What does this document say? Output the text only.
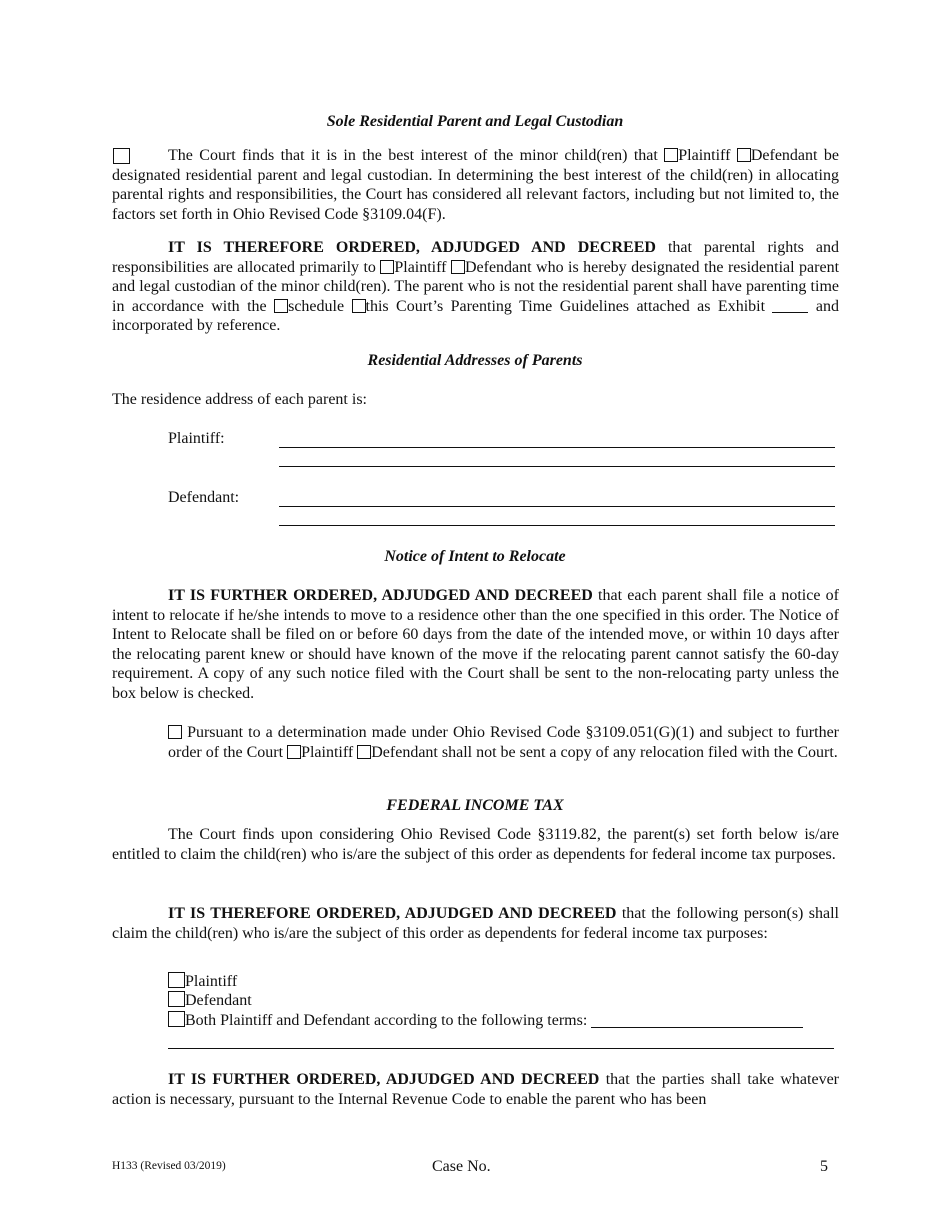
Sole Residential Parent and Legal Custodian
The Court finds that it is in the best interest of the minor child(ren) that Plaintiff Defendant be designated residential parent and legal custodian. In determining the best interest of the child(ren) in allocating parental rights and responsibilities, the Court has considered all relevant factors, including but not limited to, the factors set forth in Ohio Revised Code §3109.04(F).
IT IS THEREFORE ORDERED, ADJUDGED AND DECREED that parental rights and responsibilities are allocated primarily to Plaintiff Defendant who is hereby designated the residential parent and legal custodian of the minor child(ren). The parent who is not the residential parent shall have parenting time in accordance with the schedule this Court’s Parenting Time Guidelines attached as Exhibit	and incorporated by reference.
Residential Addresses of Parents
The residence address of each parent is:
Plaintiff:
Defendant:
Notice of Intent to Relocate
IT IS FURTHER ORDERED, ADJUDGED AND DECREED that each parent shall file a notice of intent to relocate if he/she intends to move to a residence other than the one specified in this order. The Notice of Intent to Relocate shall be filed on or before 60 days from the date of the intended move, or within 10 days after the relocating parent knew or should have known of the move if the relocating parent cannot satisfy the 60-day requirement. A copy of any such notice filed with the Court shall be sent to the non-relocating party unless the box below is checked.
Pursuant to a determination made under Ohio Revised Code §3109.051(G)(1) and subject to further order of the Court Plaintiff Defendant shall not be sent a copy of any relocation filed with the Court.
FEDERAL INCOME TAX
The Court finds upon considering Ohio Revised Code §3119.82, the parent(s) set forth below is/are entitled to claim the child(ren) who is/are the subject of this order as dependents for federal income tax purposes.
IT IS THEREFORE ORDERED, ADJUDGED AND DECREED that the following person(s) shall claim the child(ren) who is/are the subject of this order as dependents for federal income tax purposes:
Plaintiff
Defendant
Both Plaintiff and Defendant according to the following terms:
IT IS FURTHER ORDERED, ADJUDGED AND DECREED that the parties shall take whatever action is necessary, pursuant to the Internal Revenue Code to enable the parent who has been
H133 (Revised 03/2019)	Case No.	5
